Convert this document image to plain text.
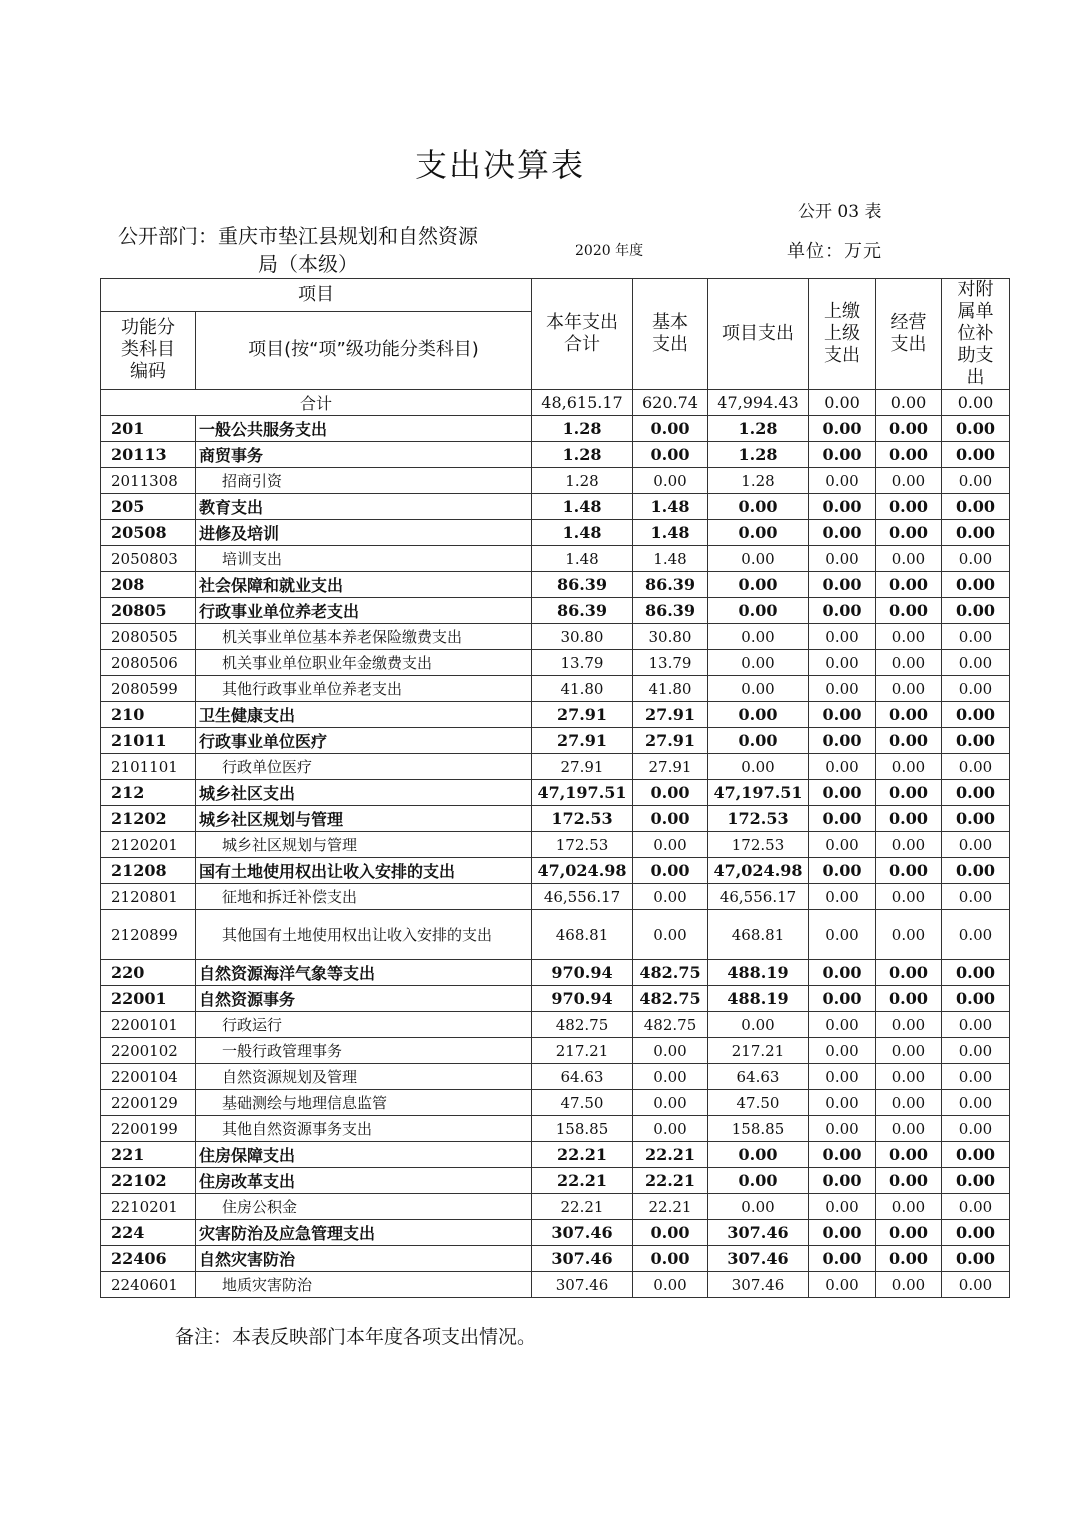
支出决算表
公开 03 表
公开部门：重庆市垫江县规划和自然资源
局（本级）
2020 年度	单位：万元
项目		本年支出合计	基本支出	项目支出	上缴上级支出	经营支出	对附属单位补助支出
功能分类科目编码	项目(按“项”级功能分类科目)						
合计		48,615.17	620.74	47,994.43	0.00	0.00	0.00
201	一般公共服务支出	1.28	0.00	1.28	0.00	0.00	0.00
20113	商贸事务	1.28	0.00	1.28	0.00	0.00	0.00
2011308	招商引资	1.28	0.00	1.28	0.00	0.00	0.00
205	教育支出	1.48	1.48	0.00	0.00	0.00	0.00
20508	进修及培训	1.48	1.48	0.00	0.00	0.00	0.00
2050803	培训支出	1.48	1.48	0.00	0.00	0.00	0.00
208	社会保障和就业支出	86.39	86.39	0.00	0.00	0.00	0.00
20805	行政事业单位养老支出	86.39	86.39	0.00	0.00	0.00	0.00
2080505	机关事业单位基本养老保险缴费支出	30.80	30.80	0.00	0.00	0.00	0.00
2080506	机关事业单位职业年金缴费支出	13.79	13.79	0.00	0.00	0.00	0.00
2080599	其他行政事业单位养老支出	41.80	41.80	0.00	0.00	0.00	0.00
210	卫生健康支出	27.91	27.91	0.00	0.00	0.00	0.00
21011	行政事业单位医疗	27.91	27.91	0.00	0.00	0.00	0.00
2101101	行政单位医疗	27.91	27.91	0.00	0.00	0.00	0.00
212	城乡社区支出	47,197.51	0.00	47,197.51	0.00	0.00	0.00
21202	城乡社区规划与管理	172.53	0.00	172.53	0.00	0.00	0.00
2120201	城乡社区规划与管理	172.53	0.00	172.53	0.00	0.00	0.00
21208	国有土地使用权出让收入安排的支出	47,024.98	0.00	47,024.98	0.00	0.00	0.00
2120801	征地和拆迁补偿支出	46,556.17	0.00	46,556.17	0.00	0.00	0.00
2120899	其他国有土地使用权出让收入安排的支出	468.81	0.00	468.81	0.00	0.00	0.00
220	自然资源海洋气象等支出	970.94	482.75	488.19	0.00	0.00	0.00
22001	自然资源事务	970.94	482.75	488.19	0.00	0.00	0.00
2200101	行政运行	482.75	482.75	0.00	0.00	0.00	0.00
2200102	一般行政管理事务	217.21	0.00	217.21	0.00	0.00	0.00
2200104	自然资源规划及管理	64.63	0.00	64.63	0.00	0.00	0.00
2200129	基础测绘与地理信息监管	47.50	0.00	47.50	0.00	0.00	0.00
2200199	其他自然资源事务支出	158.85	0.00	158.85	0.00	0.00	0.00
221	住房保障支出	22.21	22.21	0.00	0.00	0.00	0.00
22102	住房改革支出	22.21	22.21	0.00	0.00	0.00	0.00
2210201	住房公积金	22.21	22.21	0.00	0.00	0.00	0.00
224	灾害防治及应急管理支出	307.46	0.00	307.46	0.00	0.00	0.00
22406	自然灾害防治	307.46	0.00	307.46	0.00	0.00	0.00
2240601	地质灾害防治	307.46	0.00	307.46	0.00	0.00	0.00
备注：本表反映部门本年度各项支出情况。
